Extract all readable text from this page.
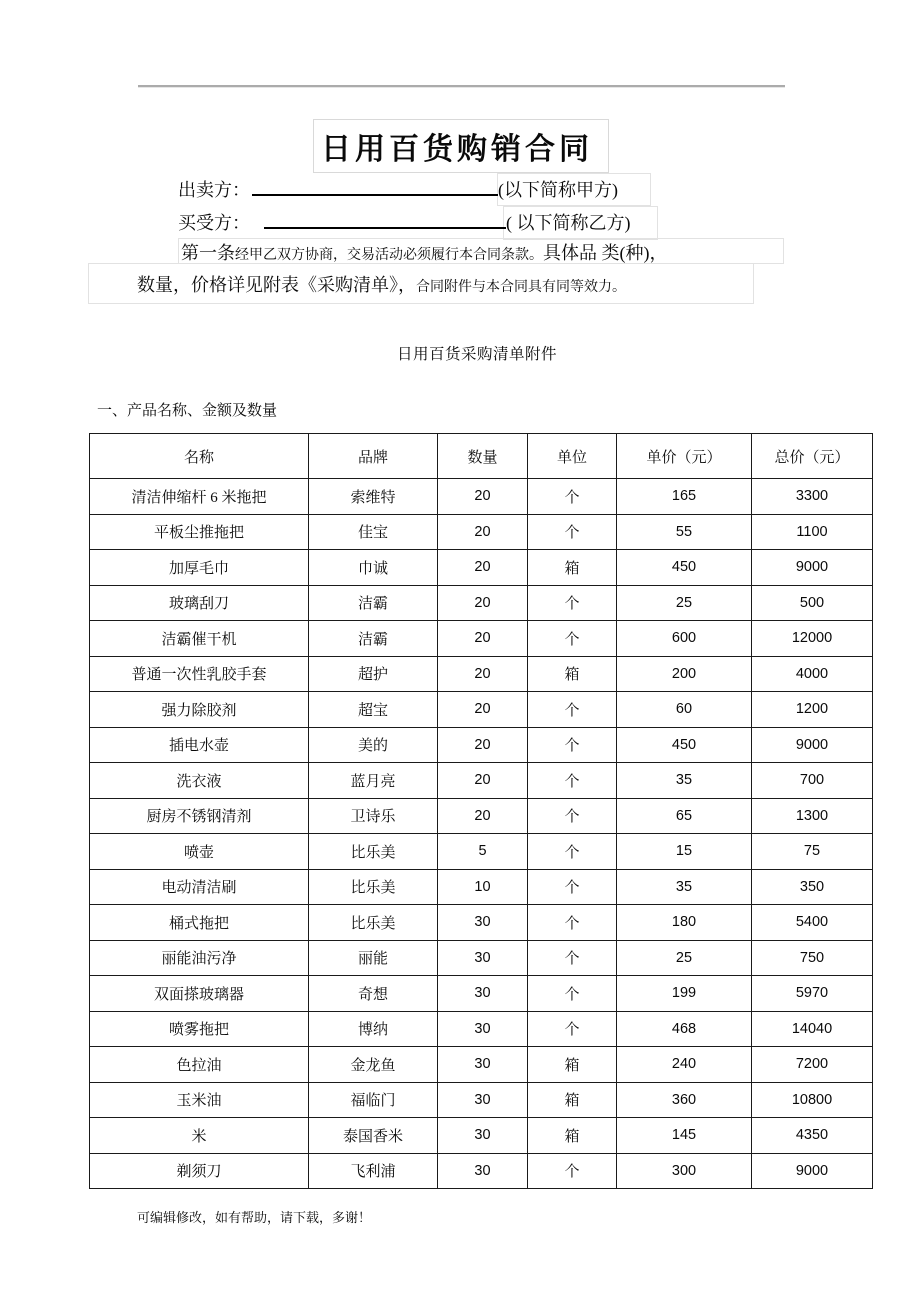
日用百货购销合同
出卖方：	(以下简称甲方)
买受方：	( 以下简称乙方)
第一条经甲乙双方协商，交易活动必须履行本合同条款。具体品 类(种)，
数量，价格详见附表《采购清单》，合同附件与本合同具有同等效力。
日用百货采购清单附件
一、产品名称、金额及数量
名称	品牌	数量	单位	单价（元）	总价（元）
清洁伸缩杆 6 米拖把	索维特	20	个	165	3300
平板尘推拖把	佳宝	20	个	55	1100
加厚毛巾	巾诚	20	箱	450	9000
玻璃刮刀	洁霸	20	个	25	500
洁霸催干机	洁霸	20	个	600	12000
普通一次性乳胶手套	超护	20	箱	200	4000
强力除胶剂	超宝	20	个	60	1200
插电水壶	美的	20	个	450	9000
洗衣液	蓝月亮	20	个	35	700
厨房不锈钢清剂	卫诗乐	20	个	65	1300
喷壶	比乐美	5	个	15	75
电动清洁刷	比乐美	10	个	35	350
桶式拖把	比乐美	30	个	180	5400
丽能油污净	丽能	30	个	25	750
双面搽玻璃器	奇想	30	个	199	5970
喷雾拖把	博纳	30	个	468	14040
色拉油	金龙鱼	30	箱	240	7200
玉米油	福临门	30	箱	360	10800
米	泰国香米	30	箱	145	4350
剃须刀	飞利浦	30	个	300	9000
可编辑修改，如有帮助，请下载，多谢！
